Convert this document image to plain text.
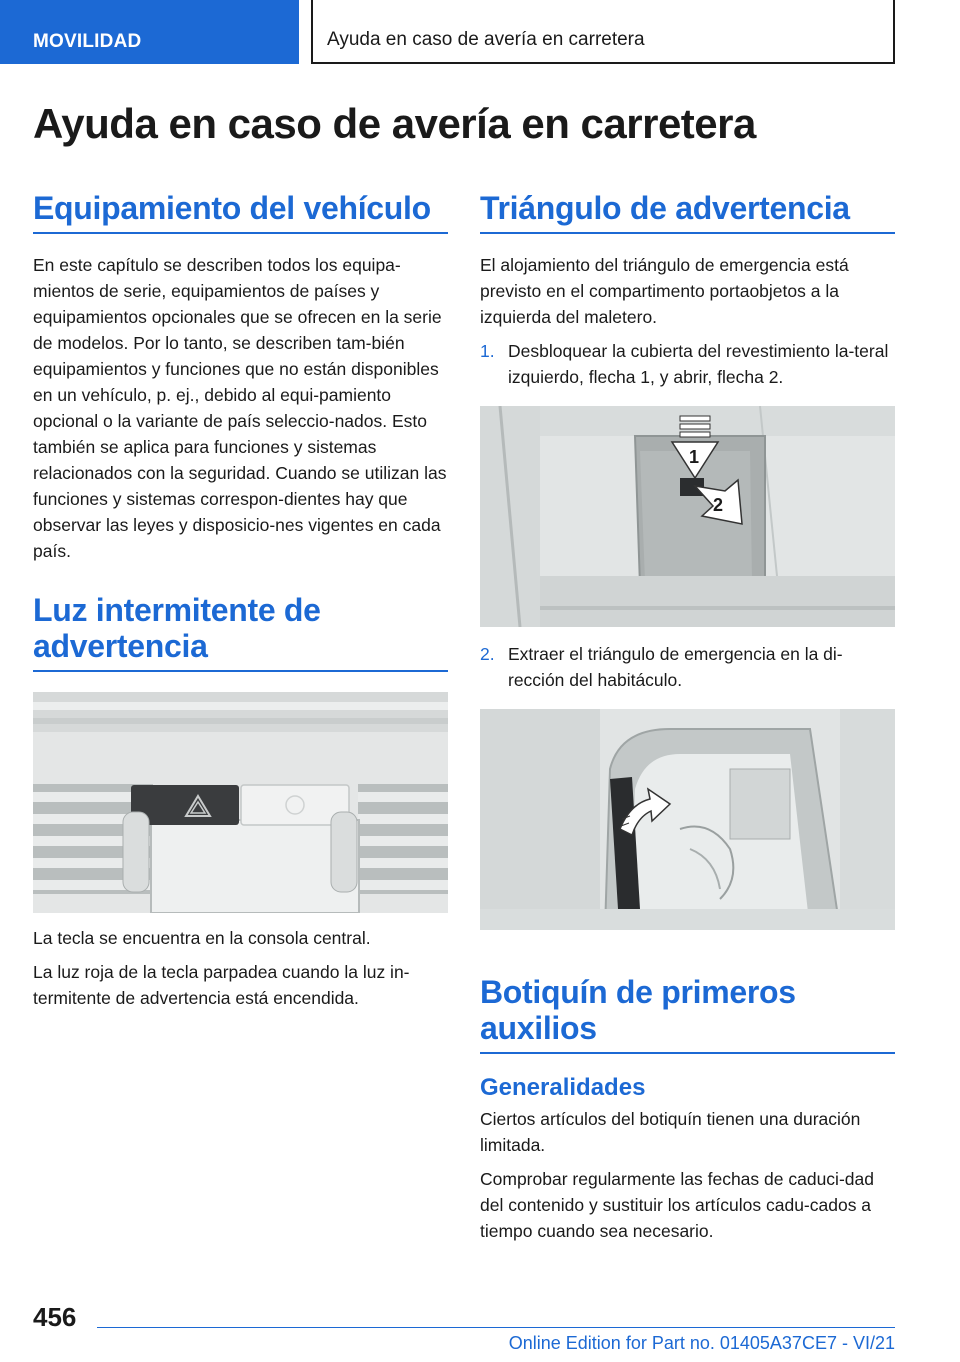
MOVILIDAD	Ayuda en caso de avería en carretera
Ayuda en caso de avería en carretera
Equipamiento del vehículo

En este capítulo se describen todos los equipa-mientos de serie, equipamientos de países y equipamientos opcionales que se ofrecen en la serie de modelos. Por lo tanto, se describen tam-bién equipamientos y funciones que no están disponibles en un vehículo, p. ej., debido al equi-pamiento opcional o la variante de país seleccio-nados. Esto también se aplica para funciones y sistemas relacionados con la seguridad. Cuando se utilizan las funciones y sistemas correspon-dientes hay que observar las leyes y disposicio-nes vigentes en cada país.

Luz intermitente de advertencia

La tecla se encuentra en la consola central.

La luz roja de la tecla parpadea cuando la luz in-termitente de advertencia está encendida.

Triángulo de advertencia

El alojamiento del triángulo de emergencia está previsto en el compartimento portaobjetos a la izquierda del maletero.

1. Desbloquear la cubierta del revestimiento la-teral izquierdo, flecha 1, y abrir, flecha 2.
1
2
2. Extraer el triángulo de emergencia en la di-rección del habitáculo.
Botiquín de primeros auxilios
Generalidades

Ciertos artículos del botiquín tienen una duración limitada.

Comprobar regularmente las fechas de caduci-dad del contenido y sustituir los artículos cadu-cados a tiempo cuando sea necesario.

456
Online Edition for Part no. 01405A37CE7 - VI/21
